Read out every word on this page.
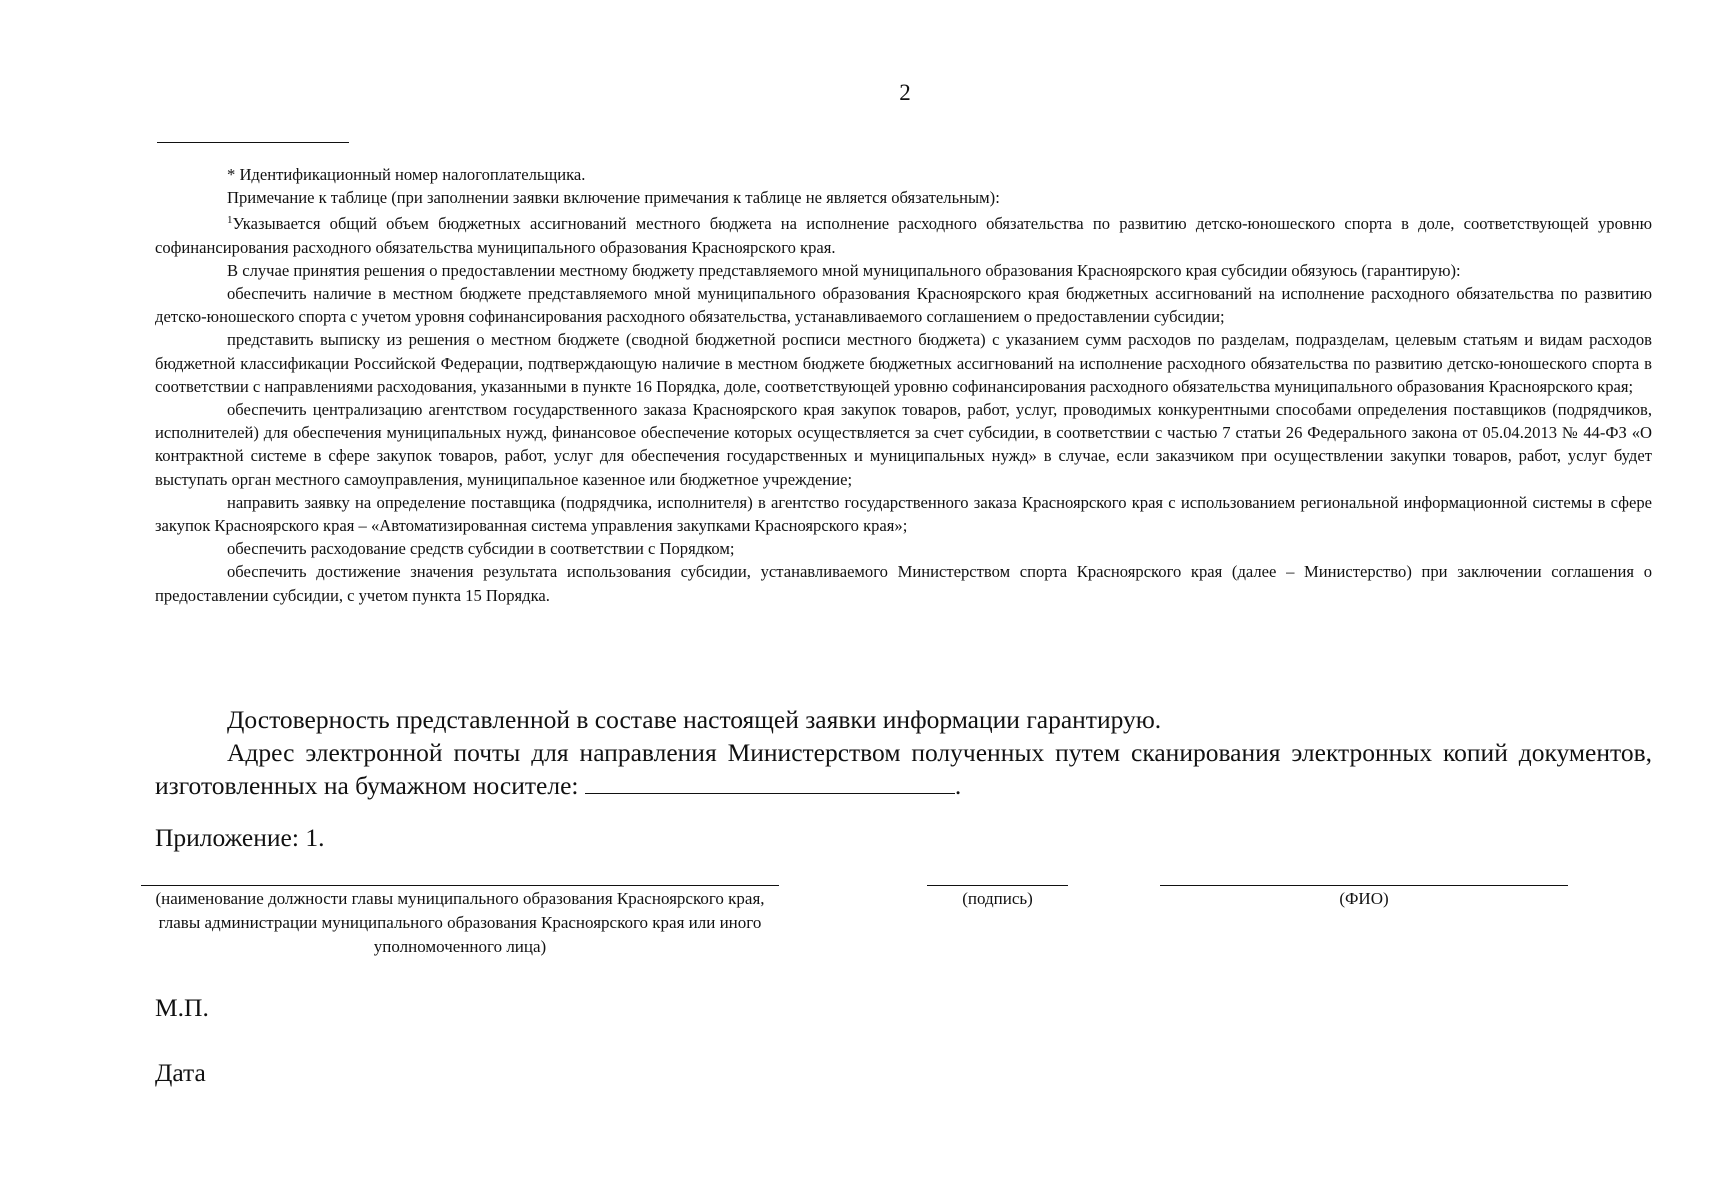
2

* Идентификационный номер налогоплательщика.

Примечание к таблице (при заполнении заявки включение примечания к таблице не является обязательным):

$^1$Указывается общий объем бюджетных ассигнований местного бюджета на исполнение расходного обязательства по развитию детско-юношеского спорта в доле, соответствующей уровню софинансирования расходного обязательства муниципального образования Красноярского края.

В случае принятия решения о предоставлении местному бюджету представляемого мной муниципального образования Красноярского края субсидии обязуюсь (гарантирую):

обеспечить наличие в местном бюджете представляемого мной муниципального образования Красноярского края бюджетных ассигнований на исполнение расходного обязательства по развитию детско-юношеского спорта с учетом уровня софинансирования расходного обязательства, устанавливаемого соглашением о предоставлении субсидии;

представить выписку из решения о местном бюджете (сводной бюджетной росписи местного бюджета) с указанием сумм расходов по разделам, подразделам, целевым статьям и видам расходов бюджетной классификации Российской Федерации, подтверждающую наличие в местном бюджете бюджетных ассигнований на исполнение расходного обязательства по развитию детско-юношеского спорта в соответствии с направлениями расходования, указанными в пункте 16 Порядка, доле, соответствующей уровню софинансирования расходного обязательства муниципального образования Красноярского края;

обеспечить централизацию агентством государственного заказа Красноярского края закупок товаров, работ, услуг, проводимых конкурентными способами определения поставщиков (подрядчиков, исполнителей) для обеспечения муниципальных нужд, финансовое обеспечение которых осуществляется за счет субсидии, в соответствии с частью 7 статьи 26 Федерального закона от 05.04.2013 № 44-ФЗ «О контрактной системе в сфере закупок товаров, работ, услуг для обеспечения государственных и муниципальных нужд» в случае, если заказчиком при осуществлении закупки товаров, работ, услуг будет выступать орган местного самоуправления, муниципальное казенное или бюджетное учреждение;

направить заявку на определение поставщика (подрядчика, исполнителя) в агентство государственного заказа Красноярского края с использованием региональной информационной системы в сфере закупок Красноярского края – «Автоматизированная система управления закупками Красноярского края»;

обеспечить расходование средств субсидии в соответствии с Порядком;

обеспечить достижение значения результата использования субсидии, устанавливаемого Министерством спорта Красноярского края (далее – Министерство) при заключении соглашения о предоставлении субсидии, с учетом пункта 15 Порядка.

Достоверность представленной в составе настоящей заявки информации гарантирую.

Адрес электронной почты для направления Министерством полученных путем сканирования электронных копий документов, изготовленных на бумажном носителе:	.

Приложение: 1.
(наименование должности главы муниципального образования Красноярского края, главы администрации муниципального образования Красноярского края или иного уполномоченного лица)
(подпись)	(ФИО)
М.П.
Дата
